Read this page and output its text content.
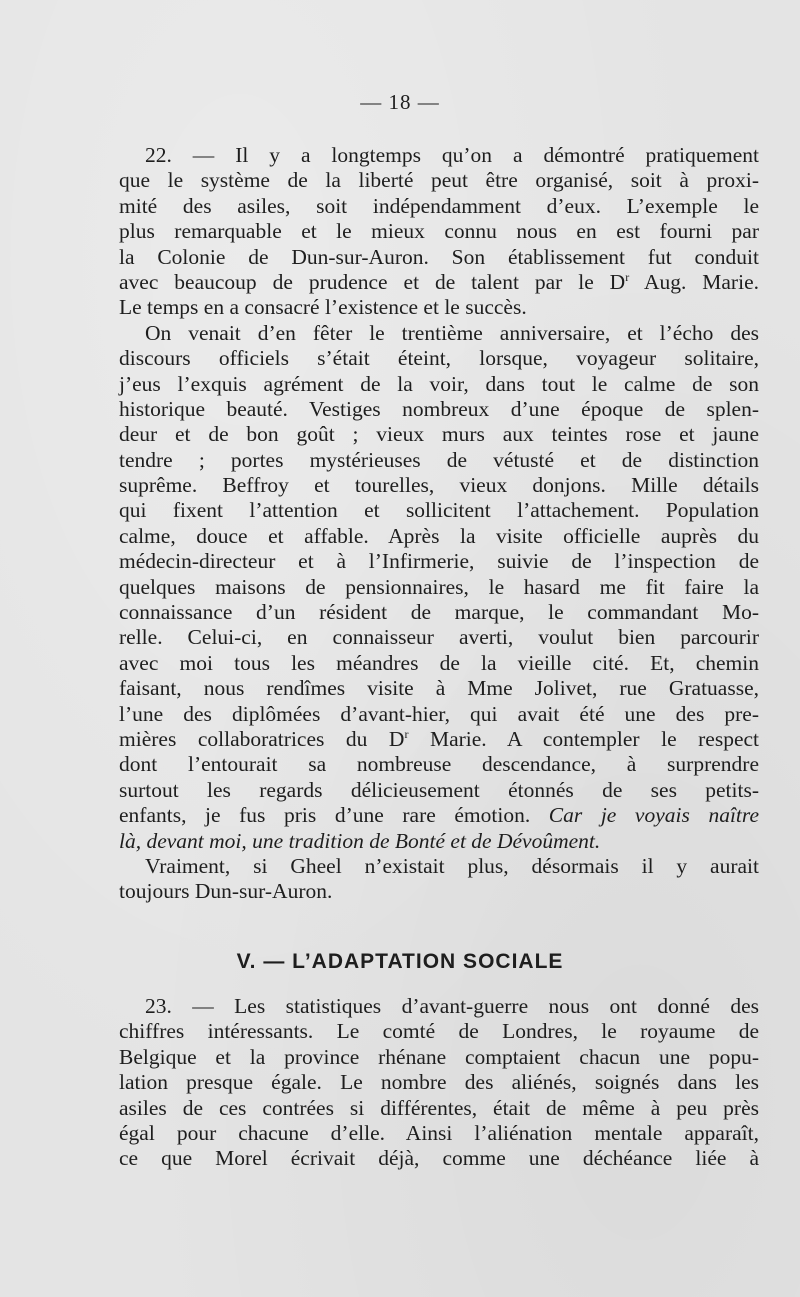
— 18 —
22. — Il y a longtemps qu’on a démontré pratiquement
que le système de la liberté peut être organisé, soit à proxi-
mité des asiles, soit indépendamment d’eux. L’exemple le
plus remarquable et le mieux connu nous en est fourni par
la Colonie de Dun-sur-Auron. Son établissement fut conduit
avec beaucoup de prudence et de talent par le $D^r$ Aug. Marie.
Le temps en a consacré l’existence et le succès.
On venait d’en fêter le trentième anniversaire, et l’écho des
discours officiels s’était éteint, lorsque, voyageur solitaire,
j’eus l’exquis agrément de la voir, dans tout le calme de son
historique beauté. Vestiges nombreux d’une époque de splen-
deur et de bon goût ; vieux murs aux teintes rose et jaune
tendre ; portes mystérieuses de vétusté et de distinction
suprême. Beffroy et tourelles, vieux donjons. Mille détails
qui fixent l’attention et sollicitent l’attachement. Population
calme, douce et affable. Après la visite officielle auprès du
médecin-directeur et à l’Infirmerie, suivie de l’inspection de
quelques maisons de pensionnaires, le hasard me fit faire la
connaissance d’un résident de marque, le commandant Mo-
relle. Celui-ci, en connaisseur averti, voulut bien parcourir
avec moi tous les méandres de la vieille cité. Et, chemin
faisant, nous rendîmes visite à Mme Jolivet, rue Gratuasse,
l’une des diplômées d’avant-hier, qui avait été une des pre-
mières collaboratrices du $D^r$ Marie. A contempler le respect
dont l’entourait sa nombreuse descendance, à surprendre
surtout les regards délicieusement étonnés de ses petits-
enfants, je fus pris d’une rare émotion. Car je voyais naître
là, devant moi, une tradition de Bonté et de Dévoûment.
Vraiment, si Gheel n’existait plus, désormais il y aurait
toujours Dun-sur-Auron.
V. — L’ADAPTATION SOCIALE
23. — Les statistiques d’avant-guerre nous ont donné des
chiffres intéressants. Le comté de Londres, le royaume de
Belgique et la province rhénane comptaient chacun une popu-
lation presque égale. Le nombre des aliénés, soignés dans les
asiles de ces contrées si différentes, était de même à peu près
égal pour chacune d’elle. Ainsi l’aliénation mentale apparaît,
ce que Morel écrivait déjà, comme une déchéance liée à
